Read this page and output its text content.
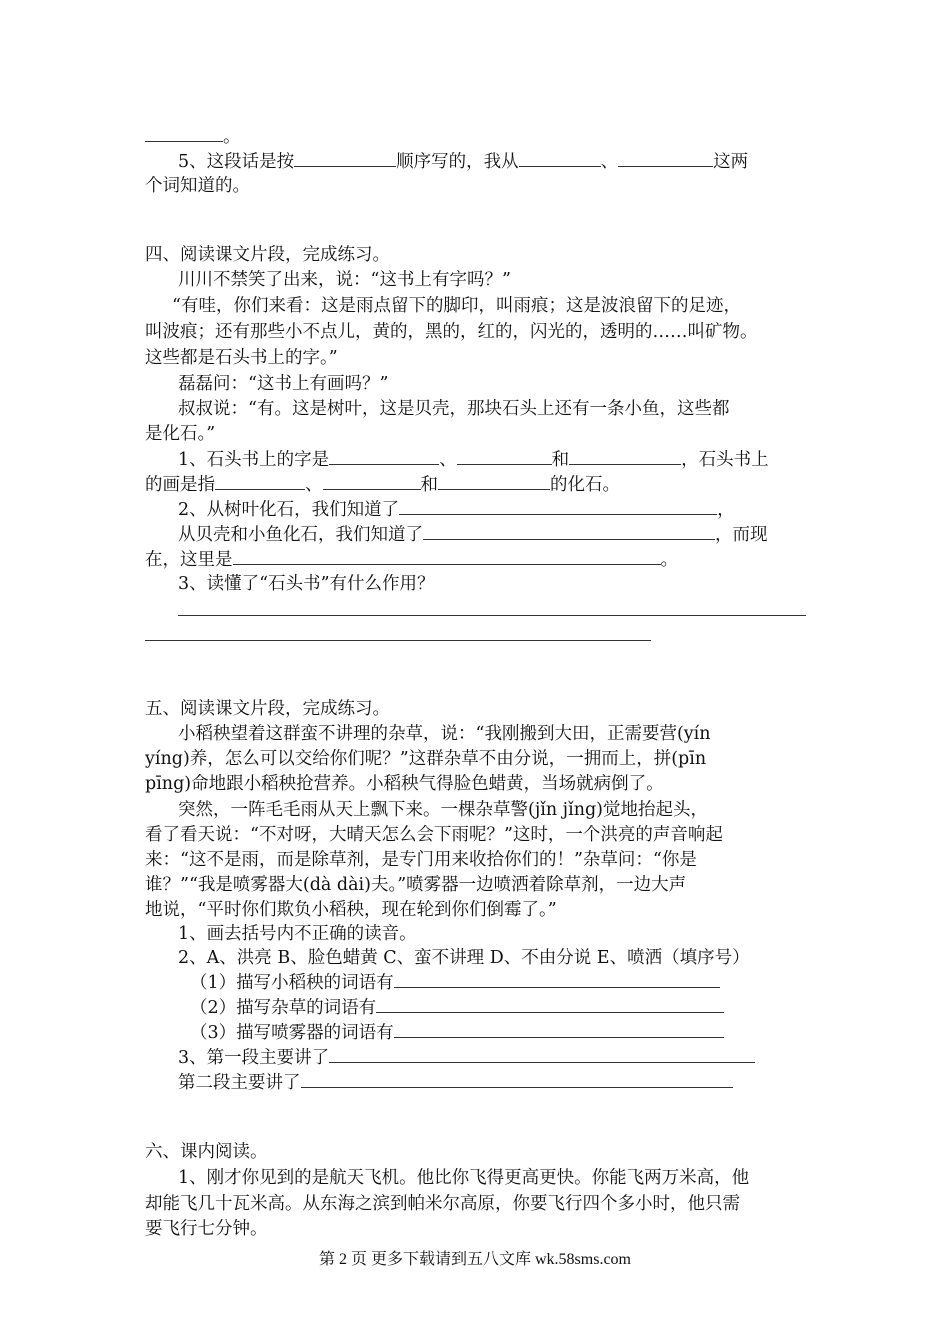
。
5、这段话是按	顺序写的，我从	、	这两
个词知道的。
四、阅读课文片段，完成练习。
川川不禁笑了出来，说：“这书上有字吗？”
“有哇，你们来看：这是雨点留下的脚印，叫雨痕；这是波浪留下的足迹，
叫波痕；还有那些小不点儿，黄的，黑的，红的，闪光的，透明的……叫矿物。
这些都是石头书上的字。”
磊磊问：“这书上有画吗？”
叔叔说：“有。这是树叶，这是贝壳，那块石头上还有一条小鱼，这些都
是化石。”
1、石头书上的字是	、	和	，石头书上
的画是指	、	和	的化石。
2、从树叶化石，我们知道了	，
从贝壳和小鱼化石，我们知道了	，而现
在，这里是	。
3、读懂了“石头书”有什么作用？
五、阅读课文片段，完成练习。
小稻秧望着这群蛮不讲理的杂草，说：“我刚搬到大田，正需要营(yín
yíng)养，怎么可以交给你们呢？”这群杂草不由分说，一拥而上，拼(pīn
pīng)命地跟小稻秧抢营养。小稻秧气得脸色蜡黄，当场就病倒了。
突然，一阵毛毛雨从天上飘下来。一棵杂草警(jǐn jǐng)觉地抬起头，
看了看天说：“不对呀，大晴天怎么会下雨呢？”这时，一个洪亮的声音响起
来：“这不是雨，而是除草剂，是专门用来收拾你们的！”杂草问：“你是
谁？”“我是喷雾器大(dà dài)夫。”喷雾器一边喷洒着除草剂，一边大声
地说，“平时你们欺负小稻秧，现在轮到你们倒霉了。”
1、画去括号内不正确的读音。
2、A、洪亮 B、脸色蜡黄 C、蛮不讲理 D、不由分说 E、喷洒（填序号）
（1）描写小稻秧的词语有
（2）描写杂草的词语有
（3）描写喷雾器的词语有
3、第一段主要讲了
第二段主要讲了
六、课内阅读。
1、刚才你见到的是航天飞机。他比你飞得更高更快。你能飞两万米高，他
却能飞几十瓦米高。从东海之滨到帕米尔高原，你要飞行四个多小时，他只需
要飞行七分钟。
第 2 页 更多下载请到五八文库 wk.58sms.com
